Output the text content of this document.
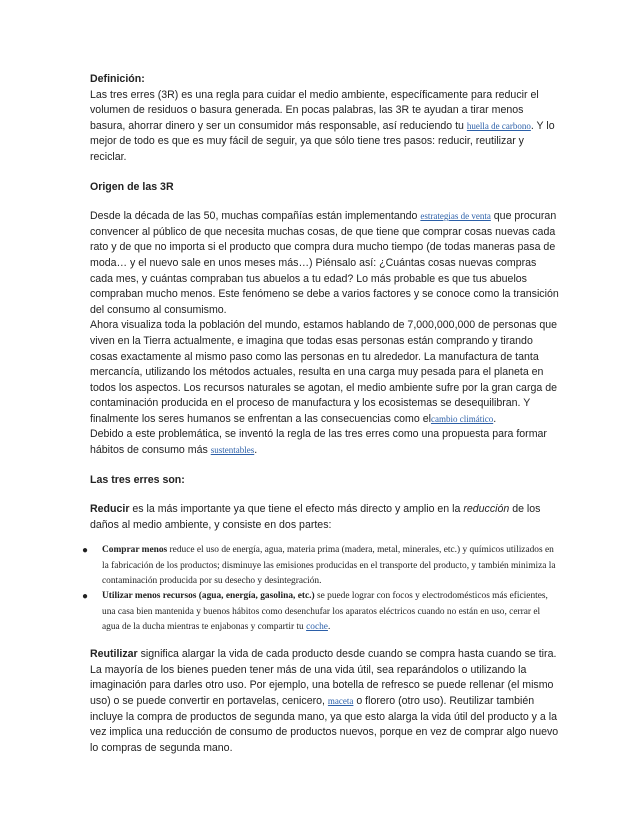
Definición:

Las tres erres (3R) es una regla para cuidar el medio ambiente, específicamente para reducir el volumen de residuos o basura generada. En pocas palabras, las 3R te ayudan a tirar menos basura, ahorrar dinero y ser un consumidor más responsable, así reduciendo tu huella de carbono. Y lo mejor de todo es que es muy fácil de seguir, ya que sólo tiene tres pasos: reducir, reutilizar y reciclar.

Origen de las 3R

Desde la década de las 50, muchas compañías están implementando estrategias de venta que procuran convencer al público de que necesita muchas cosas, de que tiene que comprar cosas nuevas cada rato y de que no importa si el producto que compra dura mucho tiempo (de todas maneras pasa de moda… y el nuevo sale en unos meses más…) Piénsalo así: ¿Cuántas cosas nuevas compras cada mes, y cuántas compraban tus abuelos a tu edad? Lo más probable es que tus abuelos compraban mucho menos. Este fenómeno se debe a varios factores y se conoce como la transición del consumo al consumismo.

Ahora visualiza toda la población del mundo, estamos hablando de 7,000,000,000 de personas que viven en la Tierra actualmente, e imagina que todas esas personas están comprando y tirando cosas exactamente al mismo paso como las personas en tu alrededor. La manufactura de tanta mercancía, utilizando los métodos actuales, resulta en una carga muy pesada para el planeta en todos los aspectos. Los recursos naturales se agotan, el medio ambiente sufre por la gran carga de contaminación producida en el proceso de manufactura y los ecosistemas se desequilibran. Y finalmente los seres humanos se enfrentan a las consecuencias como elcambio climático.

Debido a este problemática, se inventó la regla de las tres erres como una propuesta para formar hábitos de consumo más sustentables.

Las tres erres son:

Reducir es la más importante ya que tiene el efecto más directo y amplio en la reducción de los daños al medio ambiente, y consiste en dos partes:

● Comprar menos reduce el uso de energía, agua, materia prima (madera, metal, minerales, etc.) y químicos utilizados en la fabricación de los productos; disminuye las emisiones producidas en el transporte del producto, y también minimiza la contaminación producida por su desecho y desintegración.
● Utilizar menos recursos (agua, energía, gasolina, etc.) se puede lograr con focos y electrodomésticos más eficientes, una casa bien mantenida y buenos hábitos como desenchufar los aparatos eléctricos cuando no están en uso, cerrar el agua de la ducha mientras te enjabonas y compartir tu coche.

Reutilizar significa alargar la vida de cada producto desde cuando se compra hasta cuando se tira. La mayoría de los bienes pueden tener más de una vida útil, sea reparándolos o utilizando la imaginación para darles otro uso. Por ejemplo, una botella de refresco se puede rellenar (el mismo uso) o se puede convertir en portavelas, cenicero, maceta o florero (otro uso). Reutilizar también incluye la compra de productos de segunda mano, ya que esto alarga la vida útil del producto y a la vez implica una reducción de consumo de productos nuevos, porque en vez de comprar algo nuevo lo compras de segunda mano.
